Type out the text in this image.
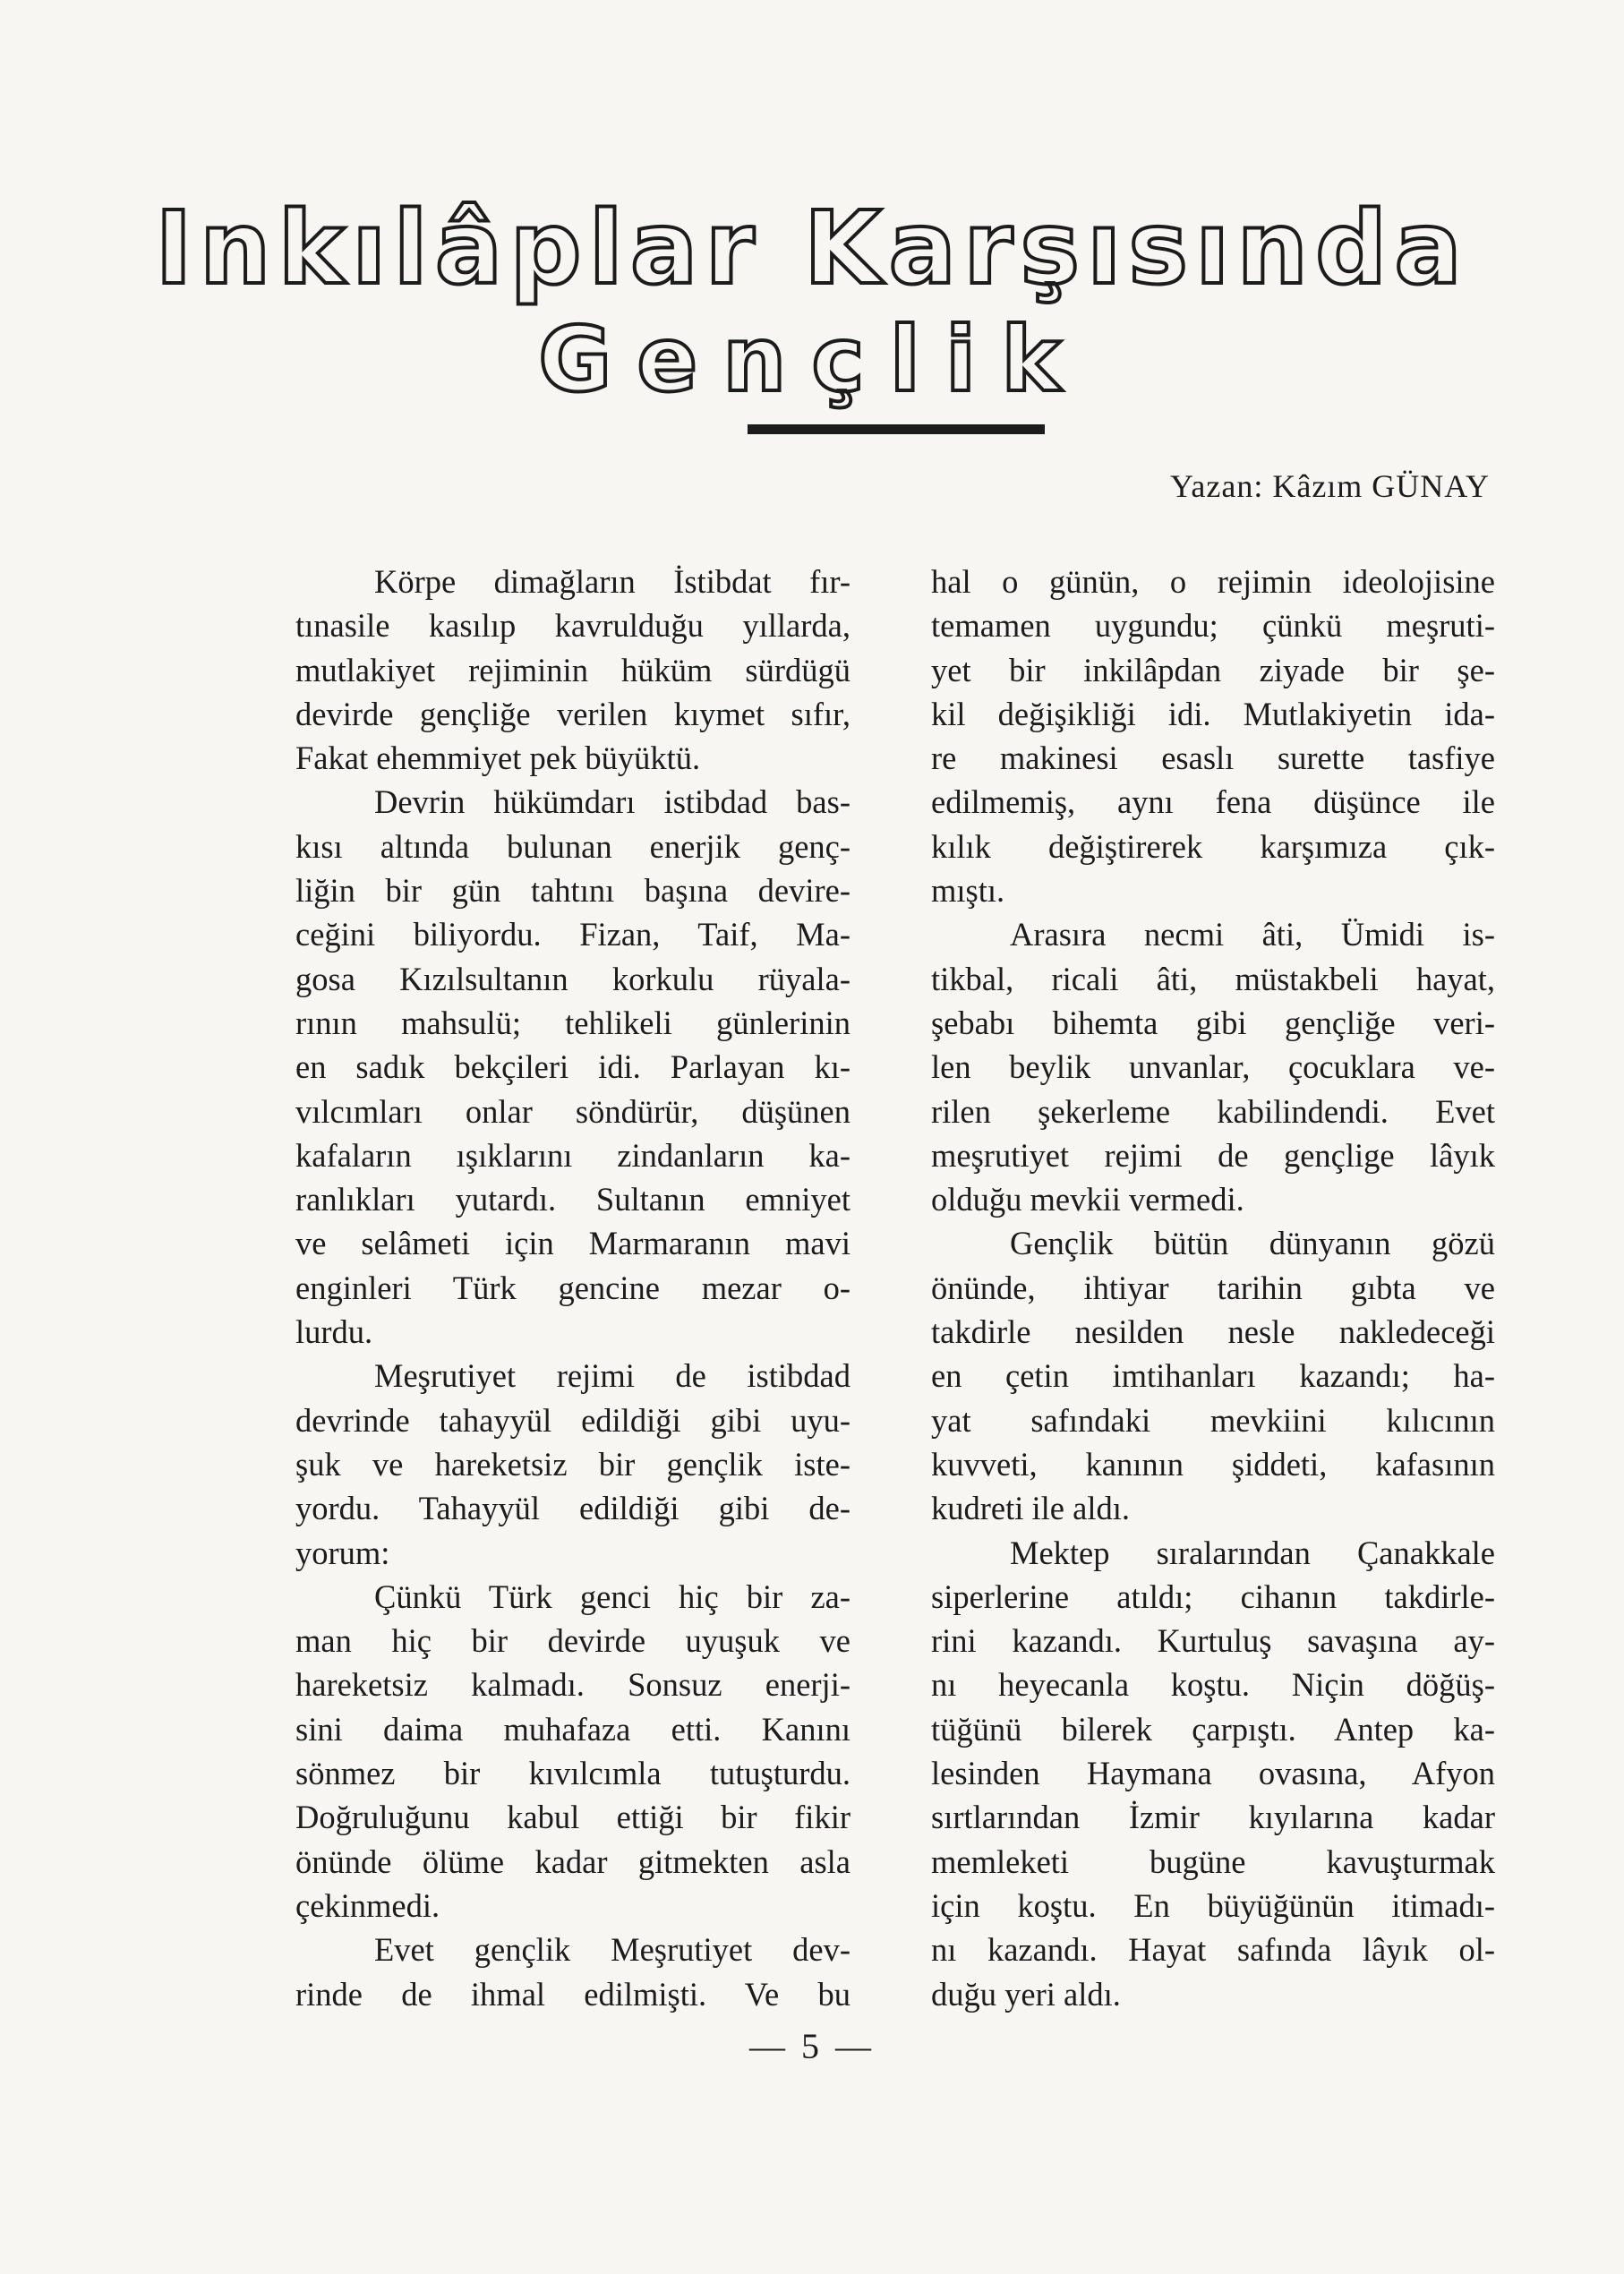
Inkılâplar Karşısında
Gençlik
Yazan: Kâzım GÜNAY
Körpe dimağların İstibdat fır-
tınasile kasılıp kavrulduğu yıllarda,
mutlakiyet rejiminin hüküm sürdügü
devirde gençliğe verilen kıymet sıfır,
Fakat ehemmiyet pek büyüktü.
Devrin hükümdarı istibdad bas-
kısı altında bulunan enerjik genç-
liğin bir gün tahtını başına devire-
ceğini biliyordu. Fizan, Taif, Ma-
gosa Kızılsultanın korkulu rüyala-
rının mahsulü; tehlikeli günlerinin
en sadık bekçileri idi. Parlayan kı-
vılcımları onlar söndürür, düşünen
kafaların ışıklarını zindanların ka-
ranlıkları yutardı. Sultanın emniyet
ve selâmeti için Marmaranın mavi
enginleri Türk gencine mezar o-
lurdu.
Meşrutiyet rejimi de istibdad
devrinde tahayyül edildiği gibi uyu-
şuk ve hareketsiz bir gençlik iste-
yordu. Tahayyül edildiği gibi de-
yorum:
Çünkü Türk genci hiç bir za-
man hiç bir devirde uyuşuk ve
hareketsiz kalmadı. Sonsuz enerji-
sini daima muhafaza etti. Kanını
sönmez bir kıvılcımla tutuşturdu.
Doğruluğunu kabul ettiği bir fikir
önünde ölüme kadar gitmekten asla
çekinmedi.
Evet gençlik Meşrutiyet dev-
rinde de ihmal edilmişti. Ve bu
hal o günün, o rejimin ideolojisine
temamen uygundu; çünkü meşruti-
yet bir inkilâpdan ziyade bir şe-
kil değişikliği idi. Mutlakiyetin ida-
re makinesi esaslı surette tasfiye
edilmemiş, aynı fena düşünce ile
kılık değiştirerek karşımıza çık-
mıştı.
Arasıra necmi âti, Ümidi is-
tikbal, ricali âti, müstakbeli hayat,
şebabı bihemta gibi gençliğe veri-
len beylik unvanlar, çocuklara ve-
rilen şekerleme kabilindendi. Evet
meşrutiyet rejimi de gençlige lâyık
olduğu mevkii vermedi.
Gençlik bütün dünyanın gözü
önünde, ihtiyar tarihin gıbta ve
takdirle nesilden nesle nakledeceği
en çetin imtihanları kazandı; ha-
yat safındaki mevkiini kılıcının
kuvveti, kanının şiddeti, kafasının
kudreti ile aldı.
Mektep sıralarından Çanakkale
siperlerine atıldı; cihanın takdirle-
rini kazandı. Kurtuluş savaşına ay-
nı heyecanla koştu. Niçin döğüş-
tüğünü bilerek çarpıştı. Antep ka-
lesinden Haymana ovasına, Afyon
sırtlarından İzmir kıyılarına kadar
memleketi bugüne kavuşturmak
için koştu. En büyüğünün itimadı-
nı kazandı. Hayat safında lâyık ol-
duğu yeri aldı.
— 5 —
